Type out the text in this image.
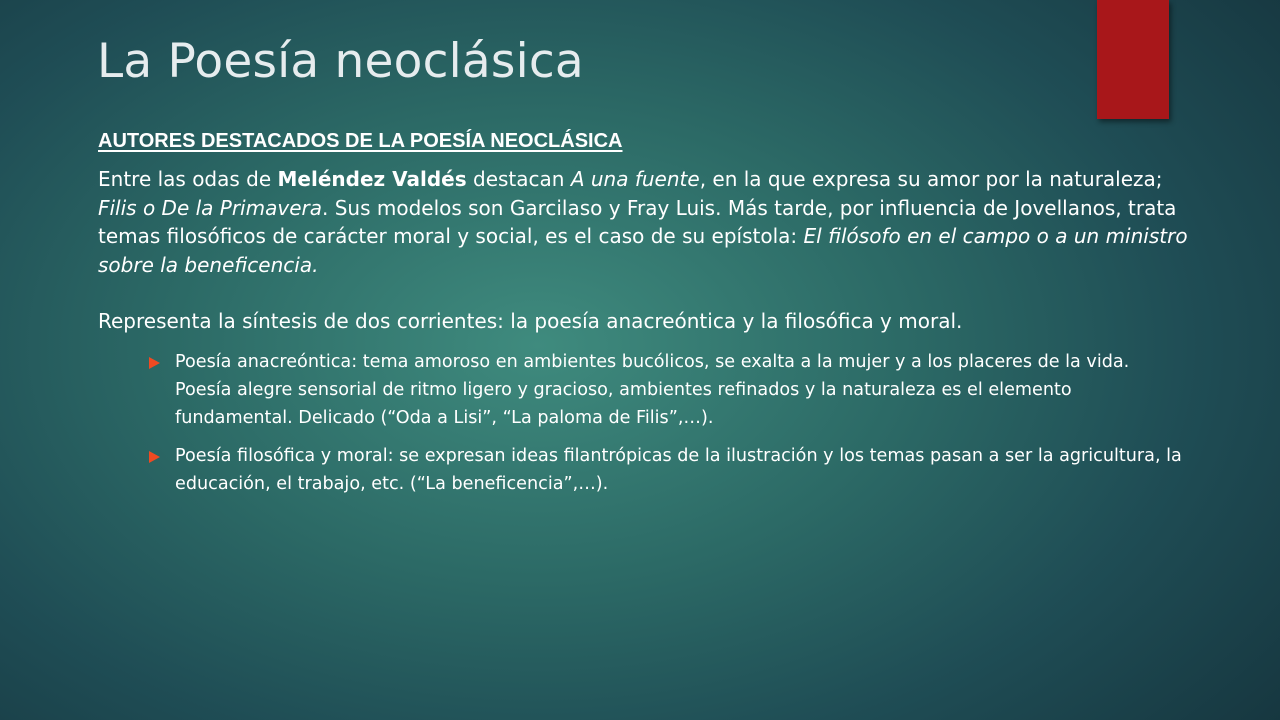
La Poesía neoclásica
AUTORES DESTACADOS DE LA POESÍA NEOCLÁSICA

Entre las odas de Meléndez Valdés destacan A una fuente, en la que expresa su amor por la naturaleza; Filis o De la Primavera. Sus modelos son Garcilaso y Fray Luis. Más tarde, por influencia de Jovellanos, trata temas filosóficos de carácter moral y social, es el caso de su epístola: El filósofo en el campo o a un ministro sobre la beneficencia.

Representa la síntesis de dos corrientes: la poesía anacreóntica y la filosófica y moral.

Poesía anacreóntica: tema amoroso en ambientes bucólicos, se exalta a la mujer y a los placeres de la vida. Poesía alegre sensorial de ritmo ligero y gracioso, ambientes refinados y la naturaleza es el elemento fundamental. Delicado (“Oda a Lisi”, “La paloma de Filis”,…).
Poesía filosófica y moral: se expresan ideas filantrópicas de la ilustración y los temas pasan a ser la agricultura, la educación, el trabajo, etc. (“La beneficencia”,…).
